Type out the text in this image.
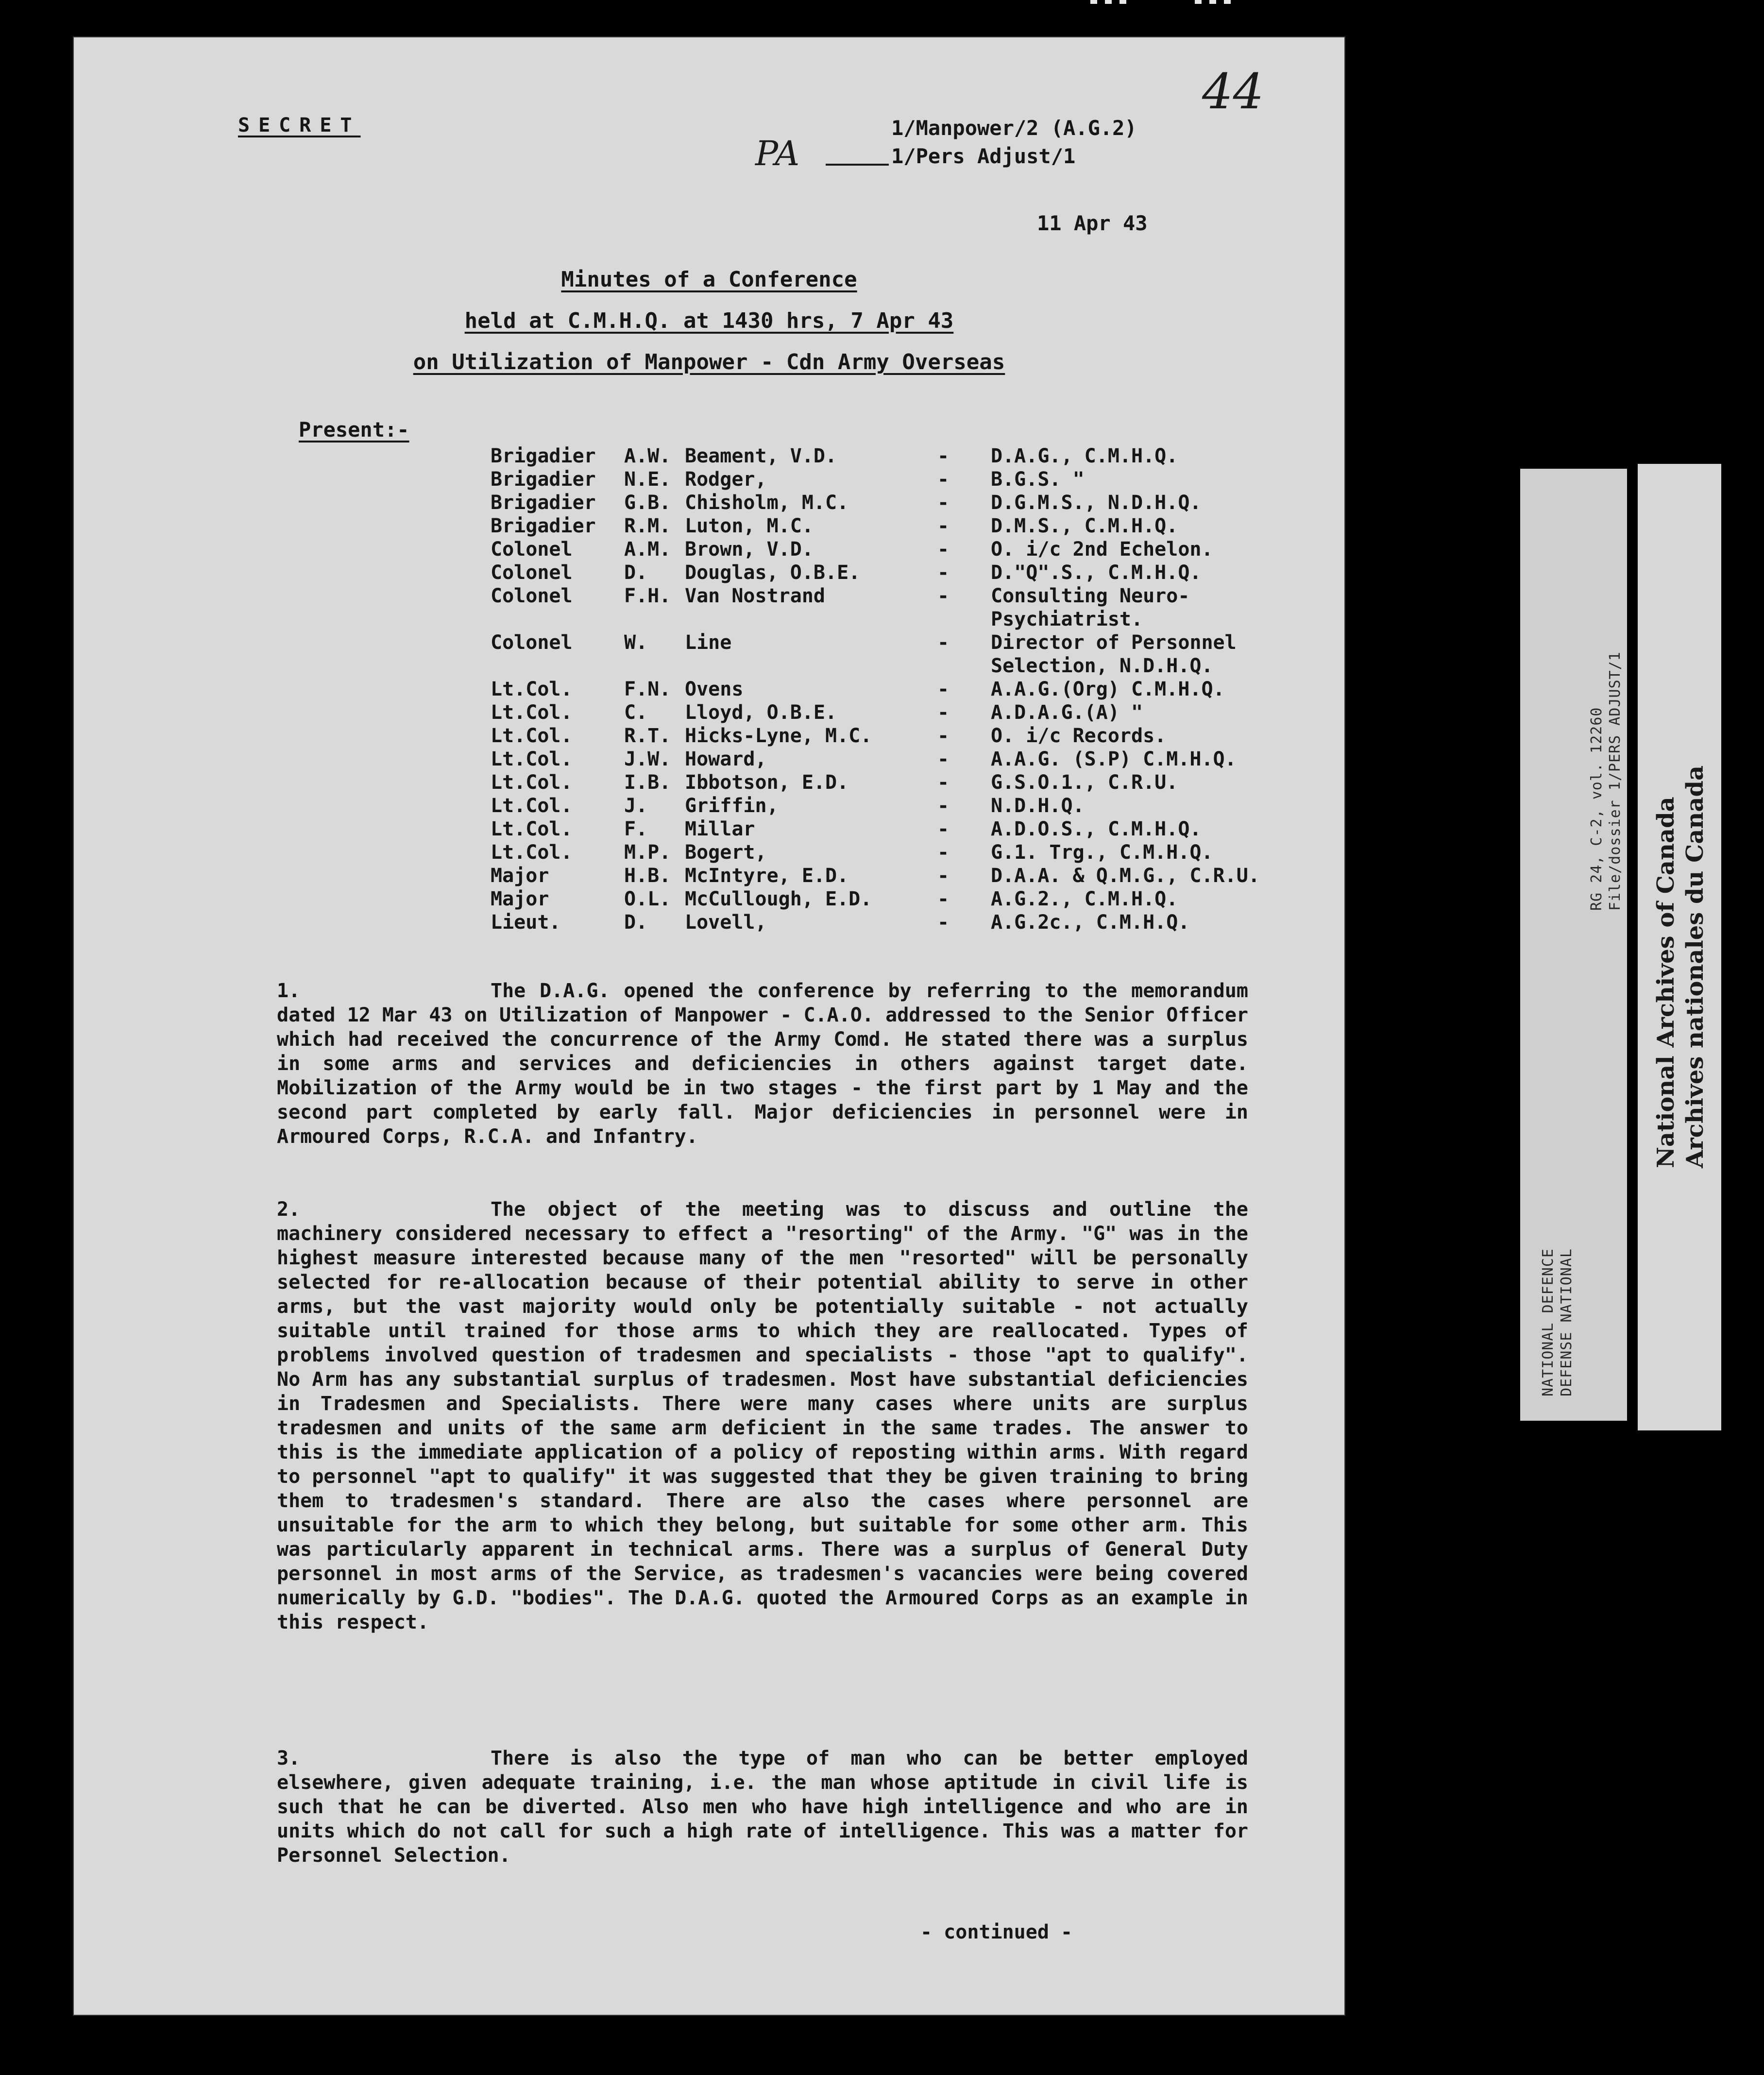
SECRET	1/Manpower/2 (A.G.2)
1/Pers Adjust/1
PA
44
11 Apr 43
Minutes of a Conference
held at C.M.H.Q. at 1430 hrs, 7 Apr 43
on Utilization of Manpower - Cdn Army Overseas
Present:-
Brigadier	A.W.	Beament, V.D.	-	D.A.G., C.M.H.Q.
Brigadier	N.E.	Rodger,	-	B.G.S. "
Brigadier	G.B.	Chisholm, M.C.	-	D.G.M.S., N.D.H.Q.
Brigadier	R.M.	Luton, M.C.	-	D.M.S., C.M.H.Q.
Colonel	A.M.	Brown, V.D.	-	O. i/c 2nd Echelon.
Colonel	D.	Douglas, O.B.E.	-	D."Q".S., C.M.H.Q.
Colonel	F.H.	Van Nostrand	-	Consulting Neuro-
Psychiatrist.
Colonel	W.	Line	-	Director of Personnel
Selection, N.D.H.Q.
Lt.Col.	F.N.	Ovens	-	A.A.G.(Org) C.M.H.Q.
Lt.Col.	C.	Lloyd, O.B.E.	-	A.D.A.G.(A) "
Lt.Col.	R.T.	Hicks-Lyne, M.C.	-	O. i/c Records.
Lt.Col.	J.W.	Howard,	-	A.A.G. (S.P) C.M.H.Q.
Lt.Col.	I.B.	Ibbotson, E.D.	-	G.S.O.1., C.R.U.
Lt.Col.	J.	Griffin,	-	N.D.H.Q.
Lt.Col.	F.	Millar	-	A.D.O.S., C.M.H.Q.
Lt.Col.	M.P.	Bogert,	-	G.1. Trg., C.M.H.Q.
Major	H.B.	McIntyre, E.D.	-	D.A.A. & Q.M.G., C.R.U.
Major	O.L.	McCullough, E.D.	-	A.G.2., C.M.H.Q.
Lieut.	D.	Lovell,	-	A.G.2c., C.M.H.Q.

1.	The D.A.G. opened the conference by referring to the memorandum dated 12 Mar 43 on Utilization of Manpower - C.A.O. addressed to the Senior Officer which had received the concurrence of the Army Comd. He stated there was a surplus in some arms and services and deficiencies in others against target date. Mobilization of the Army would be in two stages - the first part by 1 May and the second part completed by early fall. Major deficiencies in personnel were in Armoured Corps, R.C.A. and Infantry.

2.	The object of the meeting was to discuss and outline the machinery considered necessary to effect a "resorting" of the Army. "G" was in the highest measure interested because many of the men "resorted" will be personally selected for re-allocation because of their potential ability to serve in other arms, but the vast majority would only be potentially suitable - not actually suitable until trained for those arms to which they are reallocated. Types of problems involved question of tradesmen and specialists - those "apt to qualify". No Arm has any substantial surplus of tradesmen. Most have substantial deficiencies in Tradesmen and Specialists. There were many cases where units are surplus tradesmen and units of the same arm deficient in the same trades. The answer to this is the immediate application of a policy of reposting within arms. With regard to personnel "apt to qualify" it was suggested that they be given training to bring them to tradesmen's standard. There are also the cases where personnel are unsuitable for the arm to which they belong, but suitable for some other arm. This was particularly apparent in technical arms. There was a surplus of General Duty personnel in most arms of the Service, as tradesmen's vacancies were being covered numerically by G.D. "bodies". The D.A.G. quoted the Armoured Corps as an example in this respect.

3.	There is also the type of man who can be better employed elsewhere, given adequate training, i.e. the man whose aptitude in civil life is such that he can be diverted. Also men who have high intelligence and who are in units which do not call for such a high rate of intelligence. This was a matter for Personnel Selection.

- continued -
NATIONAL DEFENCE DEFENSE NATIONAL
RG 24, C-2, vol. 12260 File/dossier 1/PERS ADJUST/1
National Archives of Canada Archives nationales du Canada
